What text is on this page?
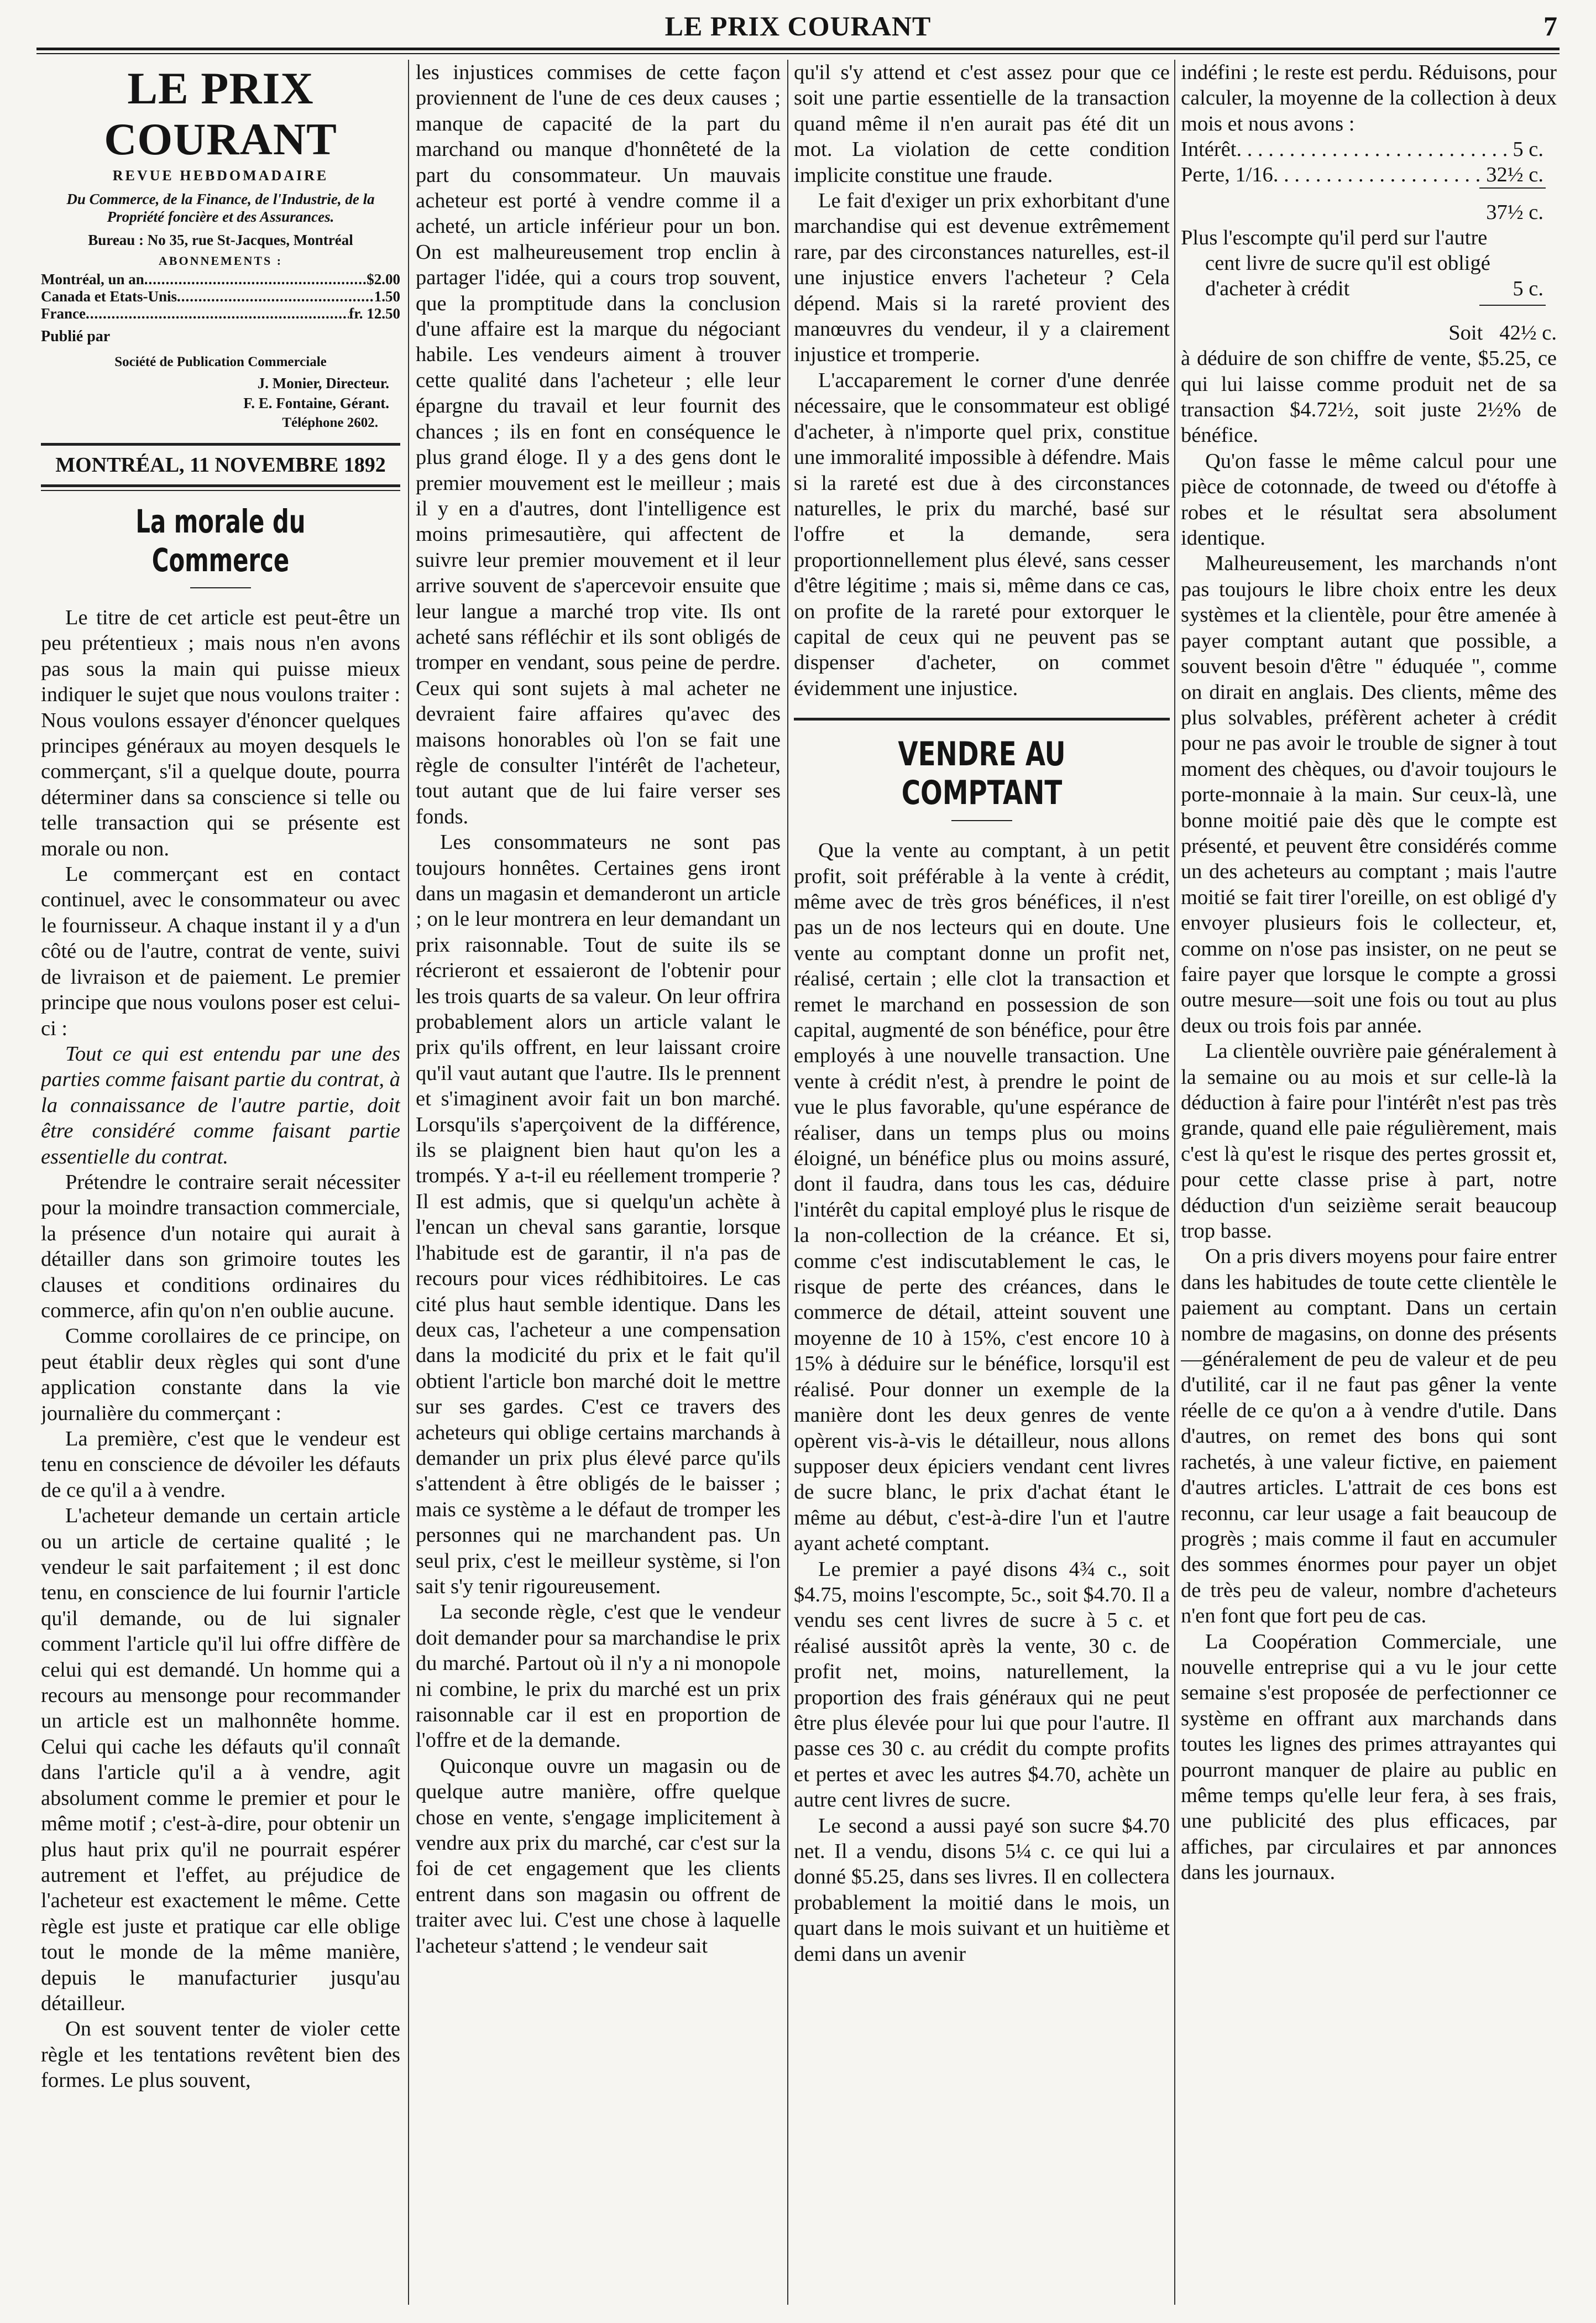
LE PRIX COURANT	7
LE PRIX COURANT
REVUE HEBDOMADAIRE
Du Commerce, de la Finance, de l'Industrie, de la Propriété foncière et des Assurances.
Bureau : No 35, rue St-Jacques, Montréal
ABONNEMENTS :
Montréal, un an .....	$2.00
Canada et Etats-Unis .....	1.50
France .....	fr. 12.50
Publié par
Société de Publication Commerciale
J. Monier, Directeur.
F. E. Fontaine, Gérant.
Téléphone 2602.
MONTRÉAL, 11 NOVEMBRE 1892
La morale du Commerce

Le titre de cet article est peut-être un peu prétentieux ; mais nous n'en avons pas sous la main qui puisse mieux indiquer le sujet que nous voulons traiter : Nous voulons essayer d'énoncer quelques principes généraux au moyen desquels le commerçant, s'il a quelque doute, pourra déterminer dans sa conscience si telle ou telle transaction qui se présente est morale ou non.

Le commerçant est en contact continuel, avec le consommateur ou avec le fournisseur. A chaque instant il y a d'un côté ou de l'autre, contrat de vente, suivi de livraison et de paiement. Le premier principe que nous voulons poser est celui-ci :

Tout ce qui est entendu par une des parties comme faisant partie du contrat, à la connaissance de l'autre partie, doit être considéré comme faisant partie essentielle du contrat.

Prétendre le contraire serait nécessiter pour la moindre transaction commerciale, la présence d'un notaire qui aurait à détailler dans son grimoire toutes les clauses et conditions ordinaires du commerce, afin qu'on n'en oublie aucune.

Comme corollaires de ce principe, on peut établir deux règles qui sont d'une application constante dans la vie journalière du commerçant :

La première, c'est que le vendeur est tenu en conscience de dévoiler les défauts de ce qu'il a à vendre.

L'acheteur demande un certain article ou un article de certaine qualité ; le vendeur le sait parfaitement ; il est donc tenu, en conscience de lui fournir l'article qu'il demande, ou de lui signaler comment l'article qu'il lui offre diffère de celui qui est demandé. Un homme qui a recours au mensonge pour recommander un article est un malhonnête homme. Celui qui cache les défauts qu'il connaît dans l'article qu'il a à vendre, agit absolument comme le premier et pour le même motif ; c'est-à-dire, pour obtenir un plus haut prix qu'il ne pourrait espérer autrement et l'effet, au préjudice de l'acheteur est exactement le même. Cette règle est juste et pratique car elle oblige tout le monde de la même manière, depuis le manufacturier jusqu'au détailleur.

On est souvent tenter de violer cette règle et les tentations revêtent bien des formes. Le plus souvent,

les injustices commises de cette façon proviennent de l'une de ces deux causes ; manque de capacité de la part du marchand ou manque d'honnêteté de la part du consommateur. Un mauvais acheteur est porté à vendre comme il a acheté, un article inférieur pour un bon. On est malheureusement trop enclin à partager l'idée, qui a cours trop souvent, que la promptitude dans la conclusion d'une affaire est la marque du négociant habile. Les vendeurs aiment à trouver cette qualité dans l'acheteur ; elle leur épargne du travail et leur fournit des chances ; ils en font en conséquence le plus grand éloge. Il y a des gens dont le premier mouvement est le meilleur ; mais il y en a d'autres, dont l'intelligence est moins primesautière, qui affectent de suivre leur premier mouvement et il leur arrive souvent de s'apercevoir ensuite que leur langue a marché trop vite. Ils ont acheté sans réfléchir et ils sont obligés de tromper en vendant, sous peine de perdre. Ceux qui sont sujets à mal acheter ne devraient faire affaires qu'avec des maisons honorables où l'on se fait une règle de consulter l'intérêt de l'acheteur, tout autant que de lui faire verser ses fonds.

Les consommateurs ne sont pas toujours honnêtes. Certaines gens iront dans un magasin et demanderont un article ; on le leur montrera en leur demandant un prix raisonnable. Tout de suite ils se récrieront et essaieront de l'obtenir pour les trois quarts de sa valeur. On leur offrira probablement alors un article valant le prix qu'ils offrent, en leur laissant croire qu'il vaut autant que l'autre. Ils le prennent et s'imaginent avoir fait un bon marché. Lorsqu'ils s'aperçoivent de la différence, ils se plaignent bien haut qu'on les a trompés. Y a-t-il eu réellement tromperie ? Il est admis, que si quelqu'un achète à l'encan un cheval sans garantie, lorsque l'habitude est de garantir, il n'a pas de recours pour vices rédhibitoires. Le cas cité plus haut semble identique. Dans les deux cas, l'acheteur a une compensation dans la modicité du prix et le fait qu'il obtient l'article bon marché doit le mettre sur ses gardes. C'est ce travers des acheteurs qui oblige certains marchands à demander un prix plus élevé parce qu'ils s'attendent à être obligés de le baisser ; mais ce système a le défaut de tromper les personnes qui ne marchandent pas. Un seul prix, c'est le meilleur système, si l'on sait s'y tenir rigoureusement.

La seconde règle, c'est que le vendeur doit demander pour sa marchandise le prix du marché. Partout où il n'y a ni monopole ni combine, le prix du marché est un prix raisonnable car il est en proportion de l'offre et de la demande.

Quiconque ouvre un magasin ou de quelque autre manière, offre quelque chose en vente, s'engage implicitement à vendre aux prix du marché, car c'est sur la foi de cet engagement que les clients entrent dans son magasin ou offrent de traiter avec lui. C'est une chose à laquelle l'acheteur s'attend ; le vendeur sait

qu'il s'y attend et c'est assez pour que ce soit une partie essentielle de la transaction quand même il n'en aurait pas été dit un mot. La violation de cette condition implicite constitue une fraude.

Le fait d'exiger un prix exhorbitant d'une marchandise qui est devenue extrêmement rare, par des circonstances naturelles, est-il une injustice envers l'acheteur ? Cela dépend. Mais si la rareté provient des manœuvres du vendeur, il y a clairement injustice et tromperie.

L'accaparement le corner d'une denrée nécessaire, que le consommateur est obligé d'acheter, à n'importe quel prix, constitue une immoralité impossible à défendre. Mais si la rareté est due à des circonstances naturelles, le prix du marché, basé sur l'offre et la demande, sera proportionnellement plus élevé, sans cesser d'être légitime ; mais si, même dans ce cas, on profite de la rareté pour extorquer le capital de ceux qui ne peuvent pas se dispenser d'acheter, on commet évidemment une injustice.

VENDRE AU COMPTANT

Que la vente au comptant, à un petit profit, soit préférable à la vente à crédit, même avec de très gros bénéfices, il n'est pas un de nos lecteurs qui en doute. Une vente au comptant donne un profit net, réalisé, certain ; elle clot la transaction et remet le marchand en possession de son capital, augmenté de son bénéfice, pour être employés à une nouvelle transaction. Une vente à crédit n'est, à prendre le point de vue le plus favorable, qu'une espérance de réaliser, dans un temps plus ou moins éloigné, un bénéfice plus ou moins assuré, dont il faudra, dans tous les cas, déduire l'intérêt du capital employé plus le risque de la non-collection de la créance. Et si, comme c'est indiscutablement le cas, le risque de perte des créances, dans le commerce de détail, atteint souvent une moyenne de 10 à 15%, c'est encore 10 à 15% à déduire sur le bénéfice, lorsqu'il est réalisé. Pour donner un exemple de la manière dont les deux genres de vente opèrent vis-à-vis le détailleur, nous allons supposer deux épiciers vendant cent livres de sucre blanc, le prix d'achat étant le même au début, c'est-à-dire l'un et l'autre ayant acheté comptant.

Le premier a payé disons 4¾ c., soit $4.75, moins l'escompte, 5c., soit $4.70. Il a vendu ses cent livres de sucre à 5 c. et réalisé aussitôt après la vente, 30 c. de profit net, moins, naturellement, la proportion des frais généraux qui ne peut être plus élevée pour lui que pour l'autre. Il passe ces 30 c. au crédit du compte profits et pertes et avec les autres $4.70, achète un autre cent livres de sucre.

Le second a aussi payé son sucre $4.70 net. Il a vendu, disons 5¼ c. ce qui lui a donné $5.25, dans ses livres. Il en collectera probablement la moitié dans le mois, un quart dans le mois suivant et un huitième et demi dans un avenir

indéfini ; le reste est perdu. Réduisons, pour calculer, la moyenne de la collection à deux mois et nous avons :

Intérêt . . .	5 c.
Perte, 1/16 . . .	32½ c.
37½ c.
Plus l'escompte qu'il perd sur l'autre cent livre de sucre qu'il est obligé d'acheter à crédit	5 c.
Soit 42½ c.

à déduire de son chiffre de vente, $5.25, ce qui lui laisse comme produit net de sa transaction $4.72½, soit juste 2½% de bénéfice.

Qu'on fasse le même calcul pour une pièce de cotonnade, de tweed ou d'étoffe à robes et le résultat sera absolument identique.

Malheureusement, les marchands n'ont pas toujours le libre choix entre les deux systèmes et la clientèle, pour être amenée à payer comptant autant que possible, a souvent besoin d'être " éduquée ", comme on dirait en anglais. Des clients, même des plus solvables, préfèrent acheter à crédit pour ne pas avoir le trouble de signer à tout moment des chèques, ou d'avoir toujours le porte-monnaie à la main. Sur ceux-là, une bonne moitié paie dès que le compte est présenté, et peuvent être considérés comme un des acheteurs au comptant ; mais l'autre moitié se fait tirer l'oreille, on est obligé d'y envoyer plusieurs fois le collecteur, et, comme on n'ose pas insister, on ne peut se faire payer que lorsque le compte a grossi outre mesure—soit une fois ou tout au plus deux ou trois fois par année.

La clientèle ouvrière paie généralement à la semaine ou au mois et sur celle-là la déduction à faire pour l'intérêt n'est pas très grande, quand elle paie régulièrement, mais c'est là qu'est le risque des pertes grossit et, pour cette classe prise à part, notre déduction d'un seizième serait beaucoup trop basse.

On a pris divers moyens pour faire entrer dans les habitudes de toute cette clientèle le paiement au comptant. Dans un certain nombre de magasins, on donne des présents —généralement de peu de valeur et de peu d'utilité, car il ne faut pas gêner la vente réelle de ce qu'on a à vendre d'utile. Dans d'autres, on remet des bons qui sont rachetés, à une valeur fictive, en paiement d'autres articles. L'attrait de ces bons est reconnu, car leur usage a fait beaucoup de progrès ; mais comme il faut en accumuler des sommes énormes pour payer un objet de très peu de valeur, nombre d'acheteurs n'en font que fort peu de cas.

La Coopération Commerciale, une nouvelle entreprise qui a vu le jour cette semaine s'est proposée de perfectionner ce système en offrant aux marchands dans toutes les lignes des primes attrayantes qui pourront manquer de plaire au public en même temps qu'elle leur fera, à ses frais, une publicité des plus efficaces, par affiches, par circulaires et par annonces dans les journaux.
